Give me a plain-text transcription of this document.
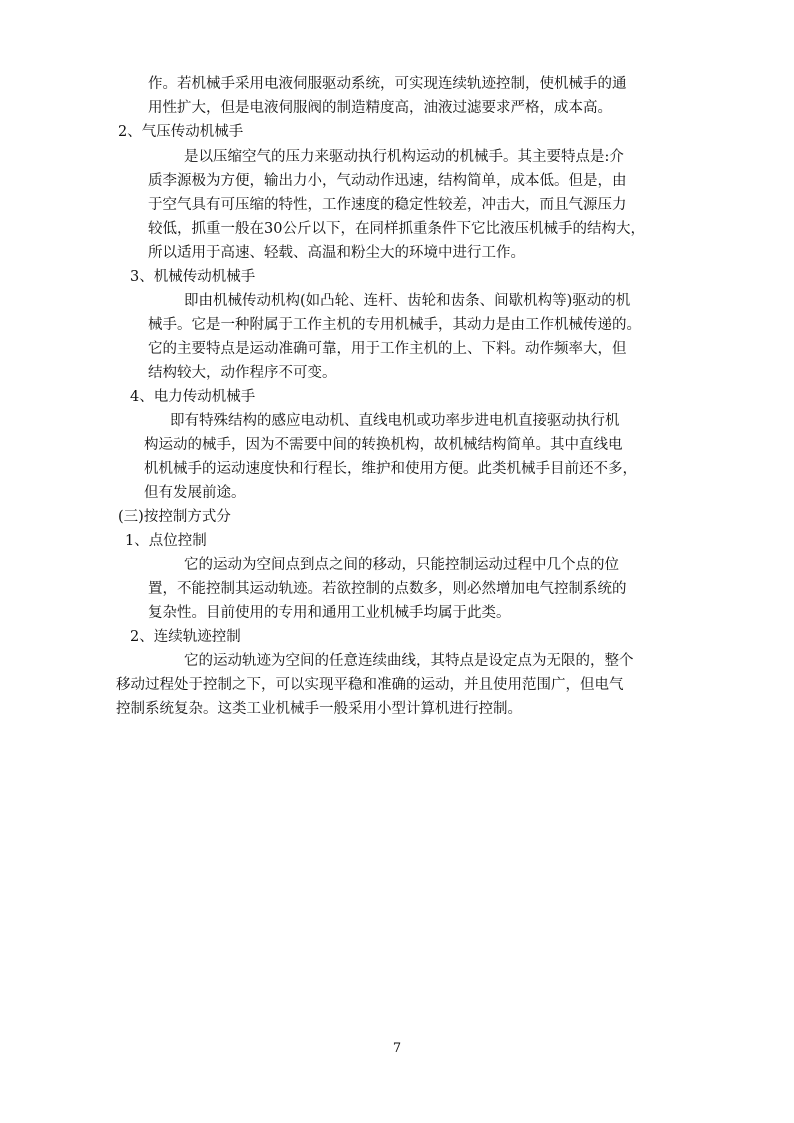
作。若机械手采用电液伺服驱动系统，可实现连续轨迹控制，使机械手的通
用性扩大，但是电液伺服阀的制造精度高，油液过滤要求严格，成本高。
2、气压传动机械手
是以压缩空气的压力来驱动执行机构运动的机械手。其主要特点是:介
质李源极为方便，输出力小，气动动作迅速，结构简单，成本低。但是，由
于空气具有可压缩的特性，工作速度的稳定性较差，冲击大，而且气源压力
较低，抓重一般在30公斤以下，在同样抓重条件下它比液压机械手的结构大，
所以适用于高速、轻载、高温和粉尘大的环境中进行工作。
3、机械传动机械手
即由机械传动机构(如凸轮、连杆、齿轮和齿条、间歇机构等)驱动的机
械手。它是一种附属于工作主机的专用机械手，其动力是由工作机械传递的。
它的主要特点是运动准确可靠，用于工作主机的上、下料。动作频率大，但
结构较大，动作程序不可变。
4、电力传动机械手
即有特殊结构的感应电动机、直线电机或功率步进电机直接驱动执行机
构运动的械手，因为不需要中间的转换机构，故机械结构简单。其中直线电
机机械手的运动速度快和行程长，维护和使用方便。此类机械手目前还不多，
但有发展前途。
(三)按控制方式分
1、点位控制
它的运动为空间点到点之间的移动，只能控制运动过程中几个点的位
置，不能控制其运动轨迹。若欲控制的点数多，则必然增加电气控制系统的
复杂性。目前使用的专用和通用工业机械手均属于此类。
2、连续轨迹控制
它的运动轨迹为空间的任意连续曲线，其特点是设定点为无限的，整个
移动过程处于控制之下，可以实现平稳和准确的运动，并且使用范围广，但电气
控制系统复杂。这类工业机械手一般采用小型计算机进行控制。
7
